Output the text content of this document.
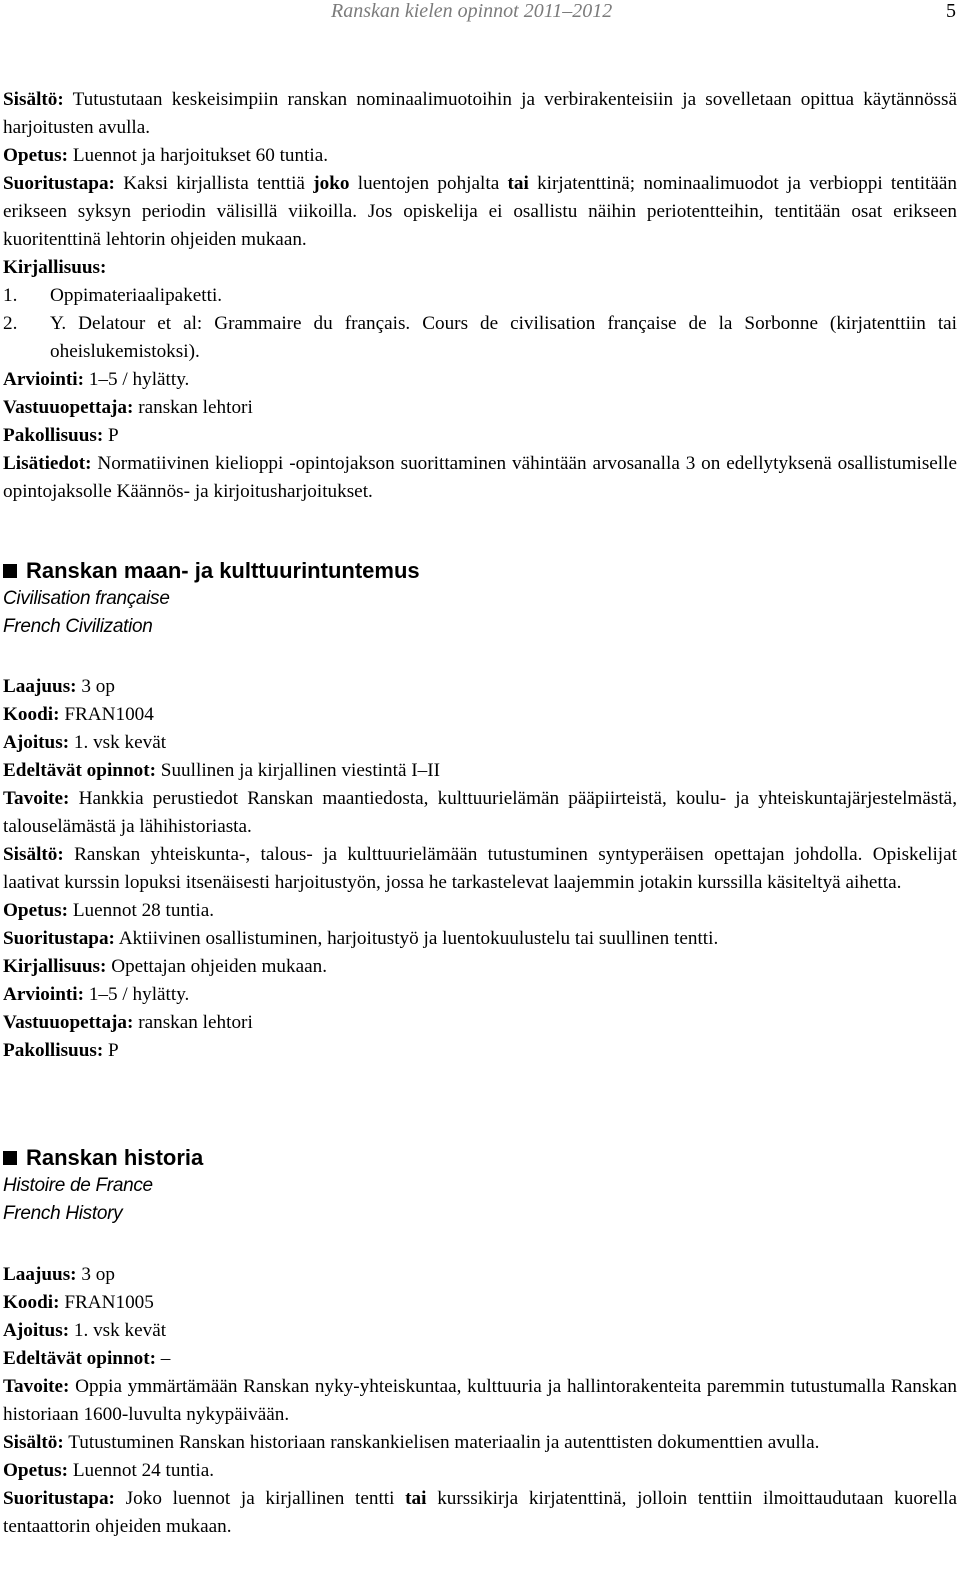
Ranskan kielen opinnot 2011–2012	5

Sisältö: Tutustutaan keskeisimpiin ranskan nominaalimuotoihin ja verbirakenteisiin ja sovelletaan opittua käytännössä harjoitusten avulla.

Opetus: Luennot ja harjoitukset 60 tuntia.

Suoritustapa: Kaksi kirjallista tenttiä joko luentojen pohjalta tai kirjatenttinä; nominaalimuodot ja verbioppi tentitään erikseen syksyn periodin välisillä viikoilla. Jos opiskelija ei osallistu näihin periotentteihin, tentitään osat erikseen kuoritenttinä lehtorin ohjeiden mukaan.

Kirjallisuus:

1.	Oppimateriaalipaketti.
2.	Y. Delatour et al: Grammaire du français. Cours de civilisation française de la Sorbonne (kirjatenttiin tai oheislukemistoksi).

Arviointi: 1–5 / hylätty.

Vastuuopettaja: ranskan lehtori

Pakollisuus: P

Lisätiedot: Normatiivinen kielioppi -opintojakson suorittaminen vähintään arvosanalla 3 on edellytyksenä osallistumiselle opintojaksolle Käännös- ja kirjoitusharjoitukset.

Ranskan maan- ja kulttuurintuntemus

Civilisation française

French Civilization

Laajuus: 3 op

Koodi: FRAN1004

Ajoitus: 1. vsk kevät

Edeltävät opinnot: Suullinen ja kirjallinen viestintä I–II

Tavoite: Hankkia perustiedot Ranskan maantiedosta, kulttuurielämän pääpiirteistä, koulu- ja yhteiskuntajärjestelmästä, talouselämästä ja lähihistoriasta.

Sisältö: Ranskan yhteiskunta-, talous- ja kulttuurielämään tutustuminen syntyperäisen opettajan johdolla. Opiskelijat laativat kurssin lopuksi itsenäisesti harjoitustyön, jossa he tarkastelevat laajemmin jotakin kurssilla käsiteltyä aihetta.

Opetus: Luennot 28 tuntia.

Suoritustapa: Aktiivinen osallistuminen, harjoitustyö ja luentokuulustelu tai suullinen tentti.

Kirjallisuus: Opettajan ohjeiden mukaan.

Arviointi: 1–5 / hylätty.

Vastuuopettaja: ranskan lehtori

Pakollisuus: P

Ranskan historia

Histoire de France

French History

Laajuus: 3 op

Koodi: FRAN1005

Ajoitus: 1. vsk kevät

Edeltävät opinnot: –

Tavoite: Oppia ymmärtämään Ranskan nyky-yhteiskuntaa, kulttuuria ja hallintorakenteita paremmin tutustumalla Ranskan historiaan 1600-luvulta nykypäivään.

Sisältö: Tutustuminen Ranskan historiaan ranskankielisen materiaalin ja autenttisten dokumenttien avulla.

Opetus: Luennot 24 tuntia.

Suoritustapa: Joko luennot ja kirjallinen tentti tai kurssikirja kirjatenttinä, jolloin tenttiin ilmoittaudutaan kuorella tentaattorin ohjeiden mukaan.
